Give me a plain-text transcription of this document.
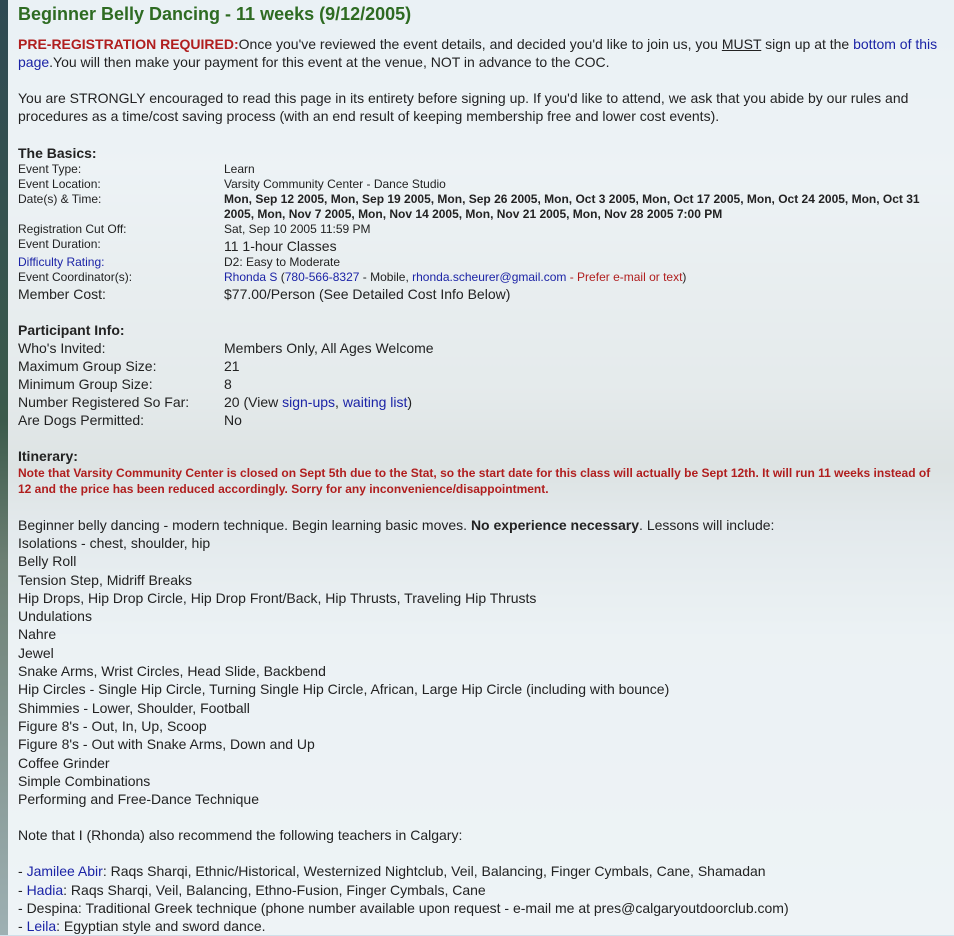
Beginner Belly Dancing - 11 weeks (9/12/2005)

PRE-REGISTRATION REQUIRED:Once you've reviewed the event details, and decided you'd like to join us, you MUST sign up at the bottom of this page.You will then make your payment for this event at the venue, NOT in advance to the COC.

You are STRONGLY encouraged to read this page in its entirety before signing up. If you'd like to attend, we ask that you abide by our rules and procedures as a time/cost saving process (with an end result of keeping membership free and lower cost events).

The Basics:
Event Type:	Learn
Event Location:	Varsity Community Center - Dance Studio
Date(s) & Time:	Mon, Sep 12 2005, Mon, Sep 19 2005, Mon, Sep 26 2005, Mon, Oct 3 2005, Mon, Oct 17 2005, Mon, Oct 24 2005, Mon, Oct 31 2005, Mon, Nov 7 2005, Mon, Nov 14 2005, Mon, Nov 21 2005, Mon, Nov 28 2005 7:00 PM
Registration Cut Off:	Sat, Sep 10 2005 11:59 PM
Event Duration:	11 1-hour Classes
Difficulty Rating:	D2: Easy to Moderate
Event Coordinator(s):	Rhonda S (780-566-8327 - Mobile, rhonda.scheurer@gmail.com - Prefer e-mail or text)
Member Cost:	$77.00/Person (See Detailed Cost Info Below)
Participant Info:
Who's Invited:	Members Only, All Ages Welcome
Maximum Group Size:	21
Minimum Group Size:	8
Number Registered So Far:	20 (View sign-ups, waiting list)
Are Dogs Permitted:	No
Itinerary:
Note that Varsity Community Center is closed on Sept 5th due to the Stat, so the start date for this class will actually be Sept 12th. It will run 11 weeks instead of 12 and the price has been reduced accordingly. Sorry for any inconvenience/disappointment.

Beginner belly dancing - modern technique. Begin learning basic moves. No experience necessary. Lessons will include:

Isolations - chest, shoulder, hip
Belly Roll
Tension Step, Midriff Breaks
Hip Drops, Hip Drop Circle, Hip Drop Front/Back, Hip Thrusts, Traveling Hip Thrusts
Undulations
Nahre
Jewel
Snake Arms, Wrist Circles, Head Slide, Backbend
Hip Circles - Single Hip Circle, Turning Single Hip Circle, African, Large Hip Circle (including with bounce)
Shimmies - Lower, Shoulder, Football
Figure 8's - Out, In, Up, Scoop
Figure 8's - Out with Snake Arms, Down and Up
Coffee Grinder
Simple Combinations
Performing and Free-Dance Technique

Note that I (Rhonda) also recommend the following teachers in Calgary:

- Jamilee Abir: Raqs Sharqi, Ethnic/Historical, Westernized Nightclub, Veil, Balancing, Finger Cymbals, Cane, Shamadan
- Hadia: Raqs Sharqi, Veil, Balancing, Ethno-Fusion, Finger Cymbals, Cane
- Despina: Traditional Greek technique (phone number available upon request - e-mail me at pres@calgaryoutdoorclub.com)
- Leila: Egyptian style and sword dance.
